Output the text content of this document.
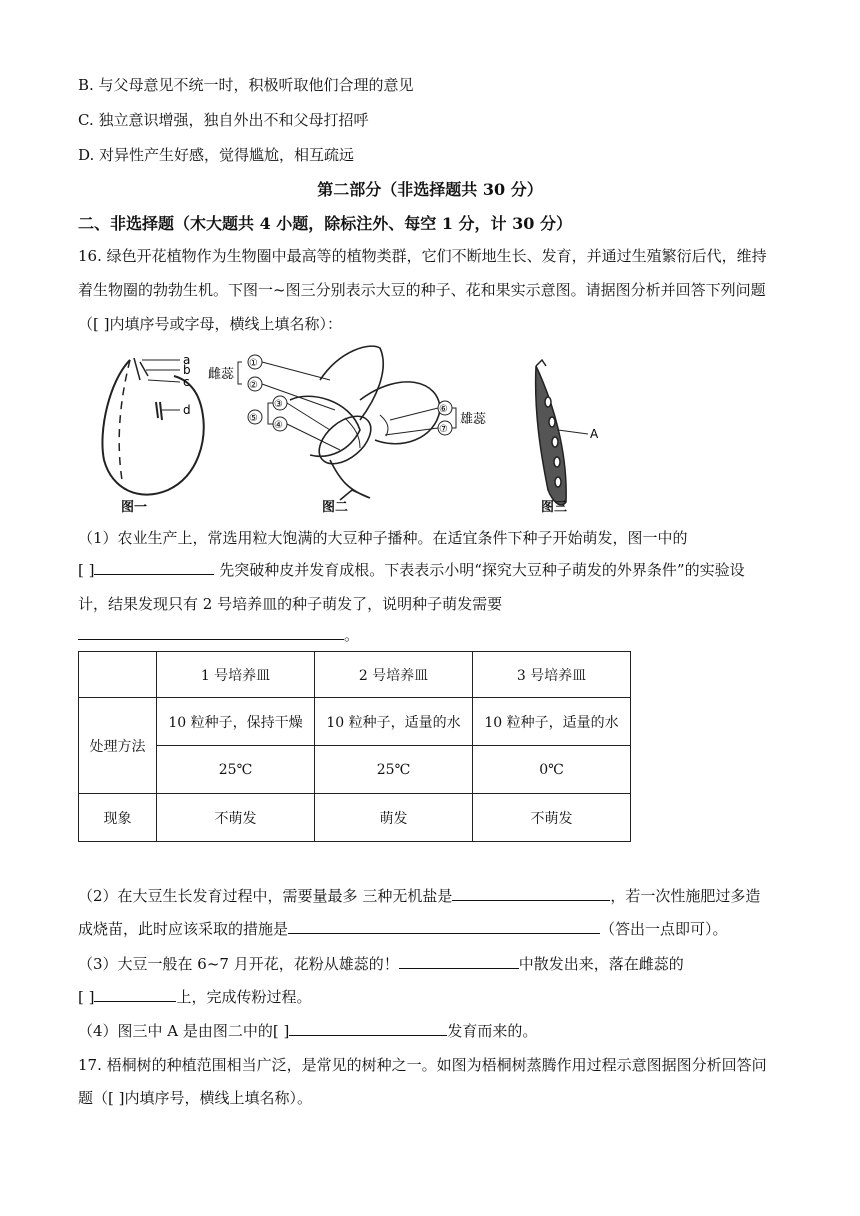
B. 与父母意见不统一时，积极听取他们合理的意见
C. 独立意识增强，独自外出不和父母打招呼
D. 对异性产生好感，觉得尴尬，相互疏远
第二部分（非选择题共 30 分）
二、非选择题（木大题共 4 小题，除标注外、每空 1 分，计 30 分）
16. 绿色开花植物作为生物圈中最高等的植物类群，它们不断地生长、发育，并通过生殖繁衍后代，维持
着生物圈的勃勃生机。下图一~图三分别表示大豆的种子、花和果实示意图。请据图分析并回答下列问题
（[ ]内填序号或字母，横线上填名称）：
a
b
c
d
①
②
③
④
⑤
⑥
⑦
雌蕊
雄蕊
A
图一	图二	图三
（1）农业生产上，常选用粒大饱满的大豆种子播种。在适宜条件下种子开始萌发，图一中的
[ ]	先突破种皮并发育成根。下表表示小明“探究大豆种子萌发的外界条件”的实验设
计，结果发现只有 2 号培养皿的种子萌发了，说明种子萌发需要
。
	1 号培养皿	2 号培养皿	3 号培养皿
处理方法	10 粒种子，保持干燥	10 粒种子，适量的水	10 粒种子，适量的水
	25℃	25℃	0℃
现象	不萌发	萌发	不萌发
（2）在大豆生长发育过程中，需要量最多 三种无机盐是	，若一次性施肥过多造
成烧苗，此时应该采取的措施是	（答出一点即可）。
（3）大豆一般在 6~7 月开花，花粉从雄蕊的！	中散发出来，落在雌蕊的
[ ]	上，完成传粉过程。
（4）图三中 A 是由图二中的[ ]	发育而来的。
17. 梧桐树的种植范围相当广泛，是常见的树种之一。如图为梧桐树蒸腾作用过程示意图据图分析回答问
题（[ ]内填序号，横线上填名称）。
